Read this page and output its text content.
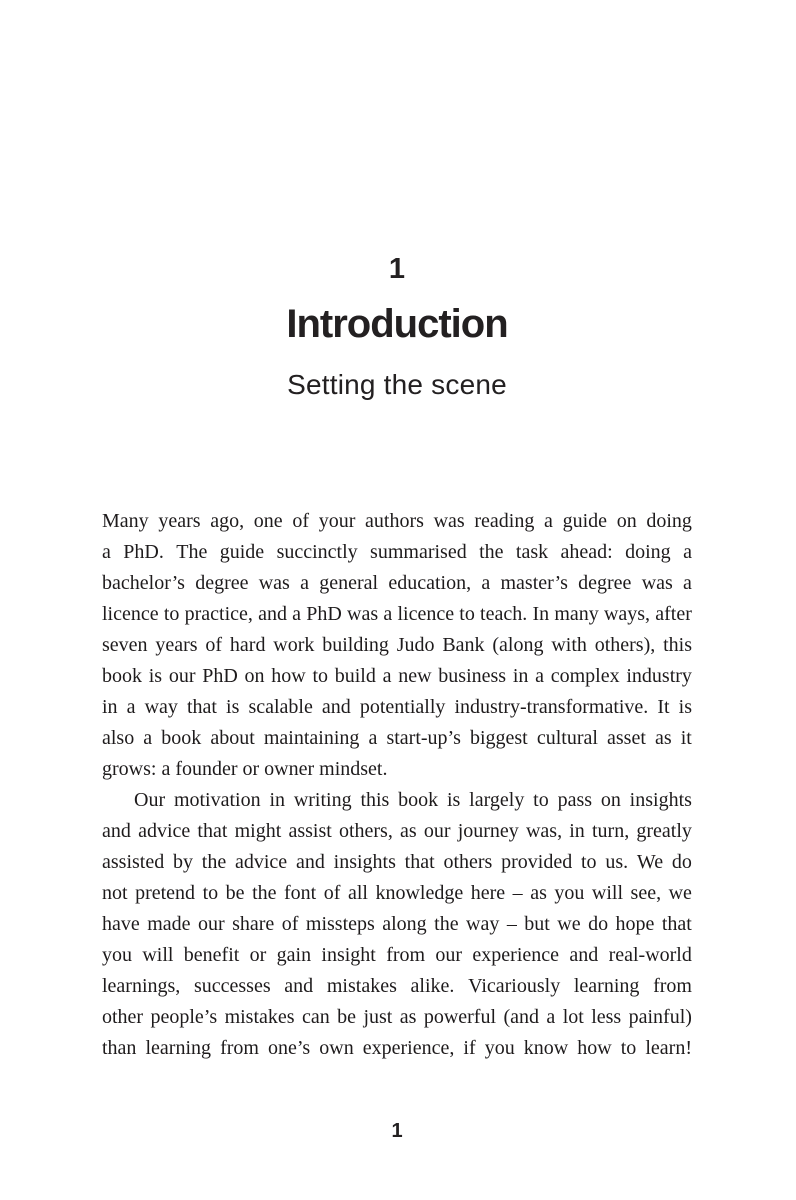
1
Introduction
Setting the scene
Many years ago, one of your authors was reading a guide on doing
a PhD. The guide succinctly summarised the task ahead: doing a
bachelor’s degree was a general education, a master’s degree was a
licence to practice, and a PhD was a licence to teach. In many ways, after
seven years of hard work building Judo Bank (along with others), this
book is our PhD on how to build a new business in a complex industry
in a way that is scalable and potentially industry-transformative. It is
also a book about maintaining a start-up’s biggest cultural asset as it
grows: a founder or owner mindset.
Our motivation in writing this book is largely to pass on insights
and advice that might assist others, as our journey was, in turn, greatly
assisted by the advice and insights that others provided to us. We do
not pretend to be the font of all knowledge here – as you will see, we
have made our share of missteps along the way – but we do hope that
you will benefit or gain insight from our experience and real-world
learnings, successes and mistakes alike. Vicariously learning from
other people’s mistakes can be just as powerful (and a lot less painful)
than learning from one’s own experience, if you know how to learn!
1
